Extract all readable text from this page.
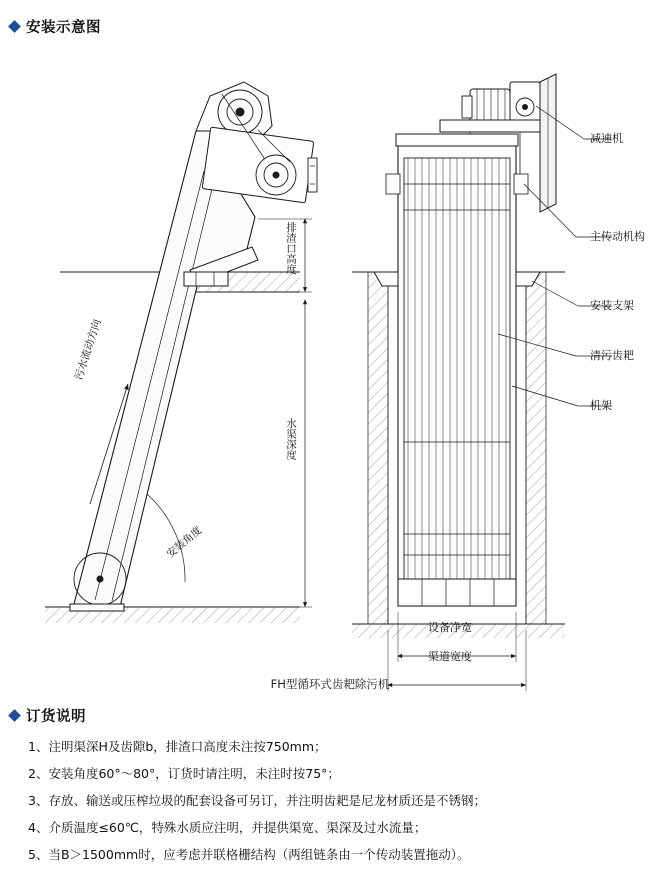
安装示意图
减速机
主传动机构
安装支架
清污齿耙
机架
排渣口高度
水渠深度
污水流动方向
安装角度
设备净宽
渠道宽度
FH型循环式齿耙除污机
订货说明
1、注明渠深H及齿隙b，排渣口高度未注按750mm；
2、安装角度60°～80°，订货时请注明，未注时按75°；
3、存放、输送或压榨垃圾的配套设备可另订，并注明齿耙是尼龙材质还是不锈钢；
4、介质温度≤60℃，特殊水质应注明，并提供渠宽、渠深及过水流量；
5、当B＞1500mm时，应考虑并联格栅结构（两组链条由一个传动装置拖动）。
